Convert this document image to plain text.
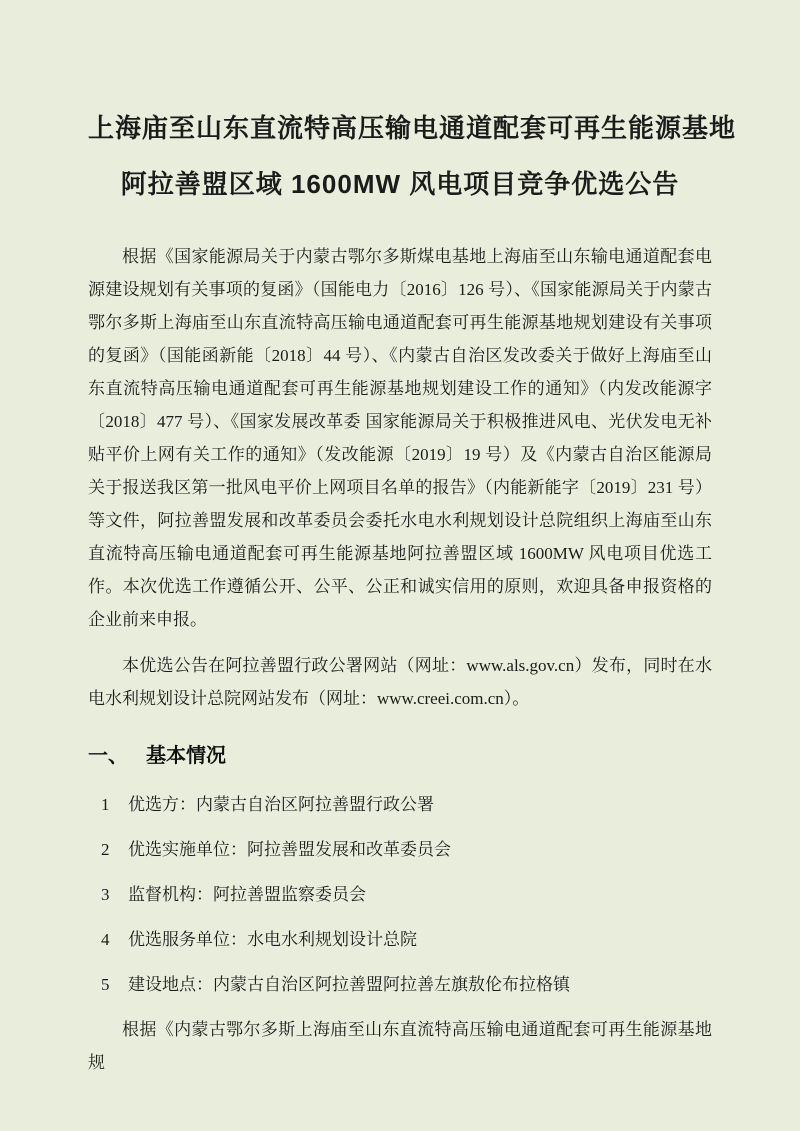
上海庙至山东直流特高压输电通道配套可再生能源基地
阿拉善盟区域 1600MW 风电项目竞争优选公告

根据《国家能源局关于内蒙古鄂尔多斯煤电基地上海庙至山东输电通道配套电源建设规划有关事项的复函》（国能电力〔2016〕126 号）、《国家能源局关于内蒙古鄂尔多斯上海庙至山东直流特高压输电通道配套可再生能源基地规划建设有关事项的复函》（国能函新能〔2018〕44 号）、《内蒙古自治区发改委关于做好上海庙至山东直流特高压输电通道配套可再生能源基地规划建设工作的通知》（内发改能源字〔2018〕477 号）、《国家发展改革委 国家能源局关于积极推进风电、光伏发电无补贴平价上网有关工作的通知》（发改能源〔2019〕19 号）及《内蒙古自治区能源局关于报送我区第一批风电平价上网项目名单的报告》（内能新能字〔2019〕231 号）等文件，阿拉善盟发展和改革委员会委托水电水利规划设计总院组织上海庙至山东直流特高压输电通道配套可再生能源基地阿拉善盟区域 1600MW 风电项目优选工作。本次优选工作遵循公开、公平、公正和诚实信用的原则，欢迎具备申报资格的企业前来申报。

本优选公告在阿拉善盟行政公署网站（网址：www.als.gov.cn）发布，同时在水电水利规划设计总院网站发布（网址：www.creei.com.cn）。

一、 基本情况
1	优选方：内蒙古自治区阿拉善盟行政公署
2	优选实施单位：阿拉善盟发展和改革委员会
3	监督机构：阿拉善盟监察委员会
4	优选服务单位：水电水利规划设计总院
5	建设地点：内蒙古自治区阿拉善盟阿拉善左旗敖伦布拉格镇

根据《内蒙古鄂尔多斯上海庙至山东直流特高压输电通道配套可再生能源基地规
